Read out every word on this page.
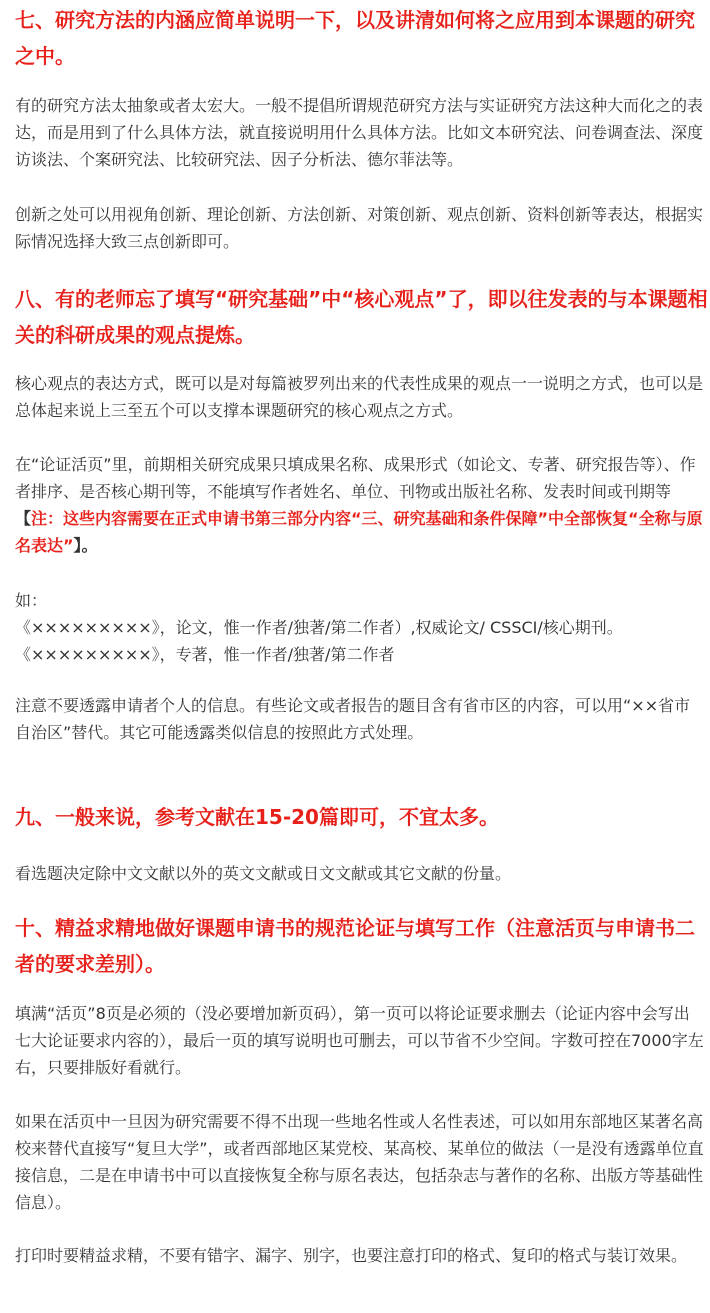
七、研究方法的内涵应简单说明一下，以及讲清如何将之应用到本课题的研究
之中。

有的研究方法太抽象或者太宏大。一般不提倡所谓规范研究方法与实证研究方法这种大而化之的表达，而是用到了什么具体方法，就直接说明用什么具体方法。比如文本研究法、问卷调查法、深度访谈法、个案研究法、比较研究法、因子分析法、德尔菲法等。

创新之处可以用视角创新、理论创新、方法创新、对策创新、观点创新、资料创新等表达，根据实际情况选择大致三点创新即可。

八、有的老师忘了填写“研究基础”中“核心观点”了，即以往发表的与本课题相
关的科研成果的观点提炼。

核心观点的表达方式，既可以是对每篇被罗列出来的代表性成果的观点一一说明之方式，也可以是总体起来说上三至五个可以支撑本课题研究的核心观点之方式。

在“论证活页”里，前期相关研究成果只填成果名称、成果形式（如论文、专著、研究报告等）、作者排序、是否核心期刊等，不能填写作者姓名、单位、刊物或出版社名称、发表时间或刊期等【注：这些内容需要在正式申请书第三部分内容“三、研究基础和条件保障”中全部恢复“全称与原名表达”】。

如：
《×××××××××》，论文，惟一作者/独著/第二作者）,权威论文/ CSSCI/核心期刊。
《×××××××××》，专著，惟一作者/独著/第二作者

注意不要透露申请者个人的信息。有些论文或者报告的题目含有省市区的内容，可以用“××省市自治区”替代。其它可能透露类似信息的按照此方式处理。

九、一般来说，参考文献在15-20篇即可，不宜太多。

看选题决定除中文文献以外的英文文献或日文文献或其它文献的份量。

十、精益求精地做好课题申请书的规范论证与填写工作（注意活页与申请书二
者的要求差别）。

填满“活页”8页是必须的（没必要增加新页码），第一页可以将论证要求删去（论证内容中会写出七大论证要求内容的），最后一页的填写说明也可删去，可以节省不少空间。字数可控在7000字左右，只要排版好看就行。

如果在活页中一旦因为研究需要不得不出现一些地名性或人名性表述，可以如用东部地区某著名高校来替代直接写“复旦大学”，或者西部地区某党校、某高校、某单位的做法（一是没有透露单位直接信息，二是在申请书中可以直接恢复全称与原名表达，包括杂志与著作的名称、出版方等基础性信息）。

打印时要精益求精，不要有错字、漏字、别字，也要注意打印的格式、复印的格式与装订效果。
